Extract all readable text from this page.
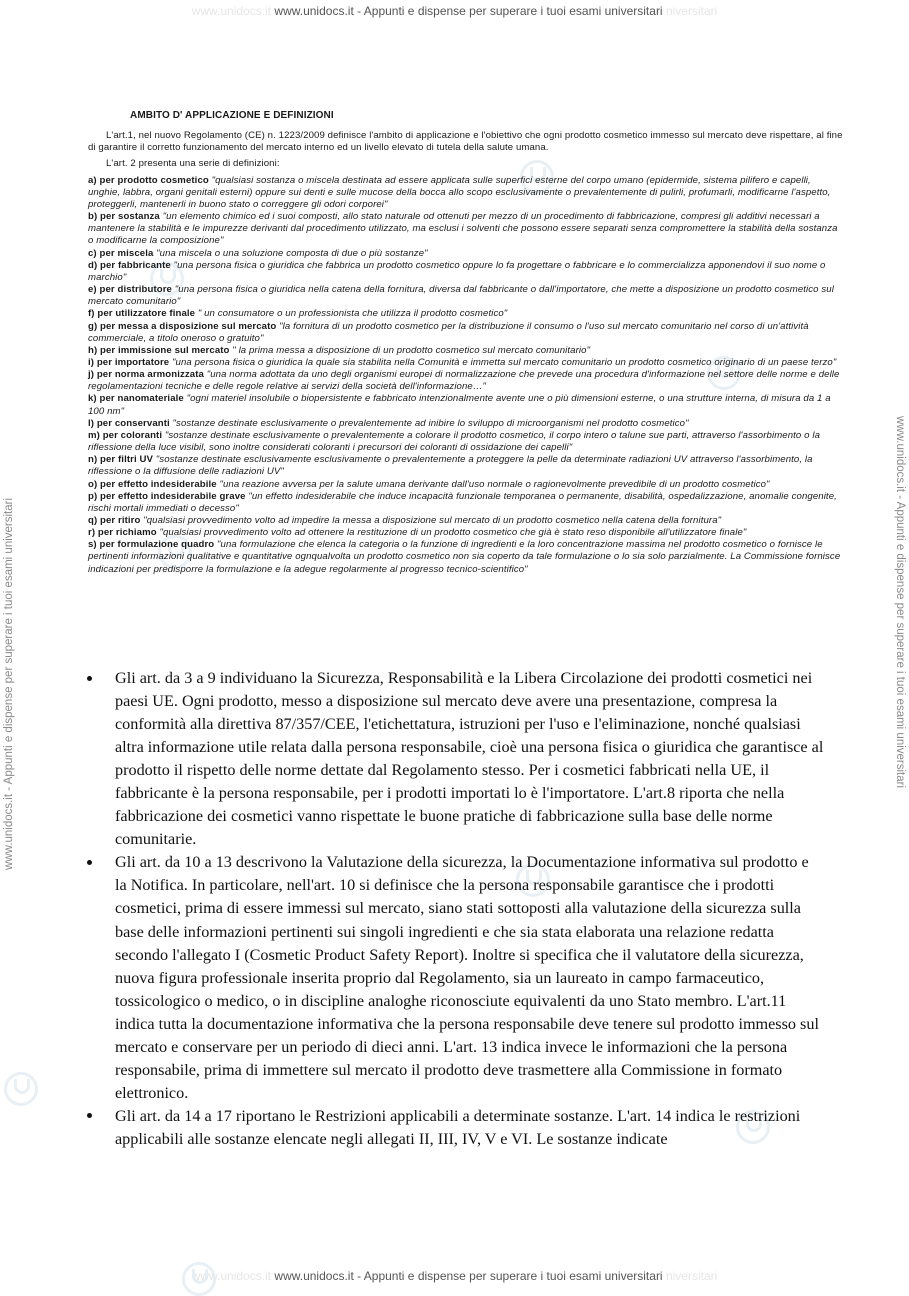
www.unidocs.it www.unidocs.it - Appunti e dispense per superare i tuoi esami universitari niversitari
www.unidocs.it www.unidocs.it - Appunti e dispense per superare i tuoi esami universitari niversitari
www.unidocs.it - Appunti e dispense per superare i tuoi esami universitari	www.unidocs.it - Appunti e dispense per superare i tuoi esami universitari

AMBITO D' APPLICAZIONE E DEFINIZIONI

L'art.1, nel nuovo Regolamento (CE) n. 1223/2009 definisce l'ambito di applicazione e l'obiettivo che ogni prodotto cosmetico immesso sul mercato deve rispettare, al fine di garantire il corretto funzionamento del mercato interno ed un livello elevato di tutela della salute umana.

L'art. 2 presenta una serie di definizioni:

a) per prodotto cosmetico "qualsiasi sostanza o miscela destinata ad essere applicata sulle superfici esterne del corpo umano (epidermide, sistema pilifero e capelli, unghie, labbra, organi genitali esterni) oppure sui denti e sulle mucose della bocca allo scopo esclusivamente o prevalentemente di pulirli, profumarli, modificarne l'aspetto, proteggerli, mantenerli in buono stato o correggere gli odori corporei"

b) per sostanza "un elemento chimico ed i suoi composti, allo stato naturale od ottenuti per mezzo di un procedimento di fabbricazione, compresi gli additivi necessari a mantenere la stabilità e le impurezze derivanti dal procedimento utilizzato, ma esclusi i solventi che possono essere separati senza compromettere la stabilità della sostanza o modificarne la composizione"

c) per miscela "una miscela o una soluzione composta di due o più sostanze"

d) per fabbricante "una persona fisica o giuridica che fabbrica un prodotto cosmetico oppure lo fa progettare o fabbricare e lo commercializza apponendovi il suo nome o marchio"

e) per distributore "una persona fisica o giuridica nella catena della fornitura, diversa dal fabbricante o dall'importatore, che mette a disposizione un prodotto cosmetico sul mercato comunitario"

f) per utilizzatore finale " un consumatore o un professionista che utilizza il prodotto cosmetico"

g) per messa a disposizione sul mercato "la fornitura di un prodotto cosmetico per la distribuzione il consumo o l'uso sul mercato comunitario nel corso di un'attività commerciale, a titolo oneroso o gratuito"

h) per immissione sul mercato " la prima messa a disposizione di un prodotto cosmetico sul mercato comunitario"

i) per importatore "una persona fisica o giuridica la quale sia stabilita nella Comunità e immetta sul mercato comunitario un prodotto cosmetico originario di un paese terzo"

j) per norma armonizzata "una norma adottata da uno degli organismi europei di normalizzazione che prevede una procedura d'informazione nel settore delle norme e delle regolamentazioni tecniche e delle regole relative ai servizi della società dell'informazione…"

k) per nanomateriale "ogni materiel insolubile o biopersistente e fabbricato intenzionalmente avente une o più dimensioni esterne, o una strutture interna, di misura da 1 a 100 nm"

l) per conservanti "sostanze destinate esclusivamente o prevalentemente ad inibire lo sviluppo di microorganismi nel prodotto cosmetico"

m) per coloranti "sostanze destinate esclusivamente o prevalentemente a colorare il prodotto cosmetico, il corpo intero o talune sue parti, attraverso l'assorbimento o la riflessione della luce visibil, sono inoltre considerati coloranti i precursori dei coloranti di ossidazione dei capelli"

n) per filtri UV "sostanze destinate esclusivamente esclusivamente o prevalentemente a proteggere la pelle da determinate radiazioni UV attraverso l'assorbimento, la riflessione o la diffusione delle radiazioni UV"

o) per effetto indesiderabile "una reazione avversa per la salute umana derivante dall'uso normale o ragionevolmente prevedibile di un prodotto cosmetico"

p) per effetto indesiderabile grave "un effetto indesiderabile che induce incapacità funzionale temporanea o permanente, disabilità, ospedalizzazione, anomalie congenite, rischi mortali immediati o decesso"

q) per ritiro "qualsiasi provvedimento volto ad impedire la messa a disposizione sul mercato di un prodotto cosmetico nella catena della fornitura"

r) per richiamo "qualsiasi provvedimento volto ad ottenere la restituzione di un prodotto cosmetico che già è stato reso disponibile all'utilizzatore finale"

s) per formulazione quadro "una formulazione che elenca la categoria o la funzione di ingredienti e la loro concentrazione massima nel prodotto cosmetico o fornisce le pertinenti informazioni qualitative e quantitative ognqualvolta un prodotto cosmetico non sia coperto da tale formulazione o lo sia solo parzialmente. La Commissione fornisce indicazioni per predisporre la formulazione e la adegue regolarmente al progresso tecnico-scientifico"

Gli art. da 3 a 9 individuano la Sicurezza, Responsabilità e la Libera Circolazione dei prodotti cosmetici nei paesi UE. Ogni prodotto, messo a disposizione sul mercato deve avere una presentazione, compresa la conformità alla direttiva 87/357/CEE, l'etichettatura, istruzioni per l'uso e l'eliminazione, nonché qualsiasi altra informazione utile relata dalla persona responsabile, cioè una persona fisica o giuridica che garantisce al prodotto il rispetto delle norme dettate dal Regolamento stesso. Per i cosmetici fabbricati nella UE, il fabbricante è la persona responsabile, per i prodotti importati lo è l'importatore. L'art.8 riporta che nella fabbricazione dei cosmetici vanno rispettate le buone pratiche di fabbricazione sulla base delle norme comunitarie.
Gli art. da 10 a 13 descrivono la Valutazione della sicurezza, la Documentazione informativa sul prodotto e la Notifica. In particolare, nell'art. 10 si definisce che la persona responsabile garantisce che i prodotti cosmetici, prima di essere immessi sul mercato, siano stati sottoposti alla valutazione della sicurezza sulla base delle informazioni pertinenti sui singoli ingredienti e che sia stata elaborata una relazione redatta secondo l'allegato I (Cosmetic Product Safety Report). Inoltre si specifica che il valutatore della sicurezza, nuova figura professionale inserita proprio dal Regolamento, sia un laureato in campo farmaceutico, tossicologico o medico, o in discipline analoghe riconosciute equivalenti da uno Stato membro. L'art.11 indica tutta la documentazione informativa che la persona responsabile deve tenere sul prodotto immesso sul mercato e conservare per un periodo di dieci anni. L'art. 13 indica invece le informazioni che la persona responsabile, prima di immettere sul mercato il prodotto deve trasmettere alla Commissione in formato elettronico.
Gli art. da 14 a 17 riportano le Restrizioni applicabili a determinate sostanze. L'art. 14 indica le restrizioni applicabili alle sostanze elencate negli allegati II, III, IV, V e VI. Le sostanze indicate
